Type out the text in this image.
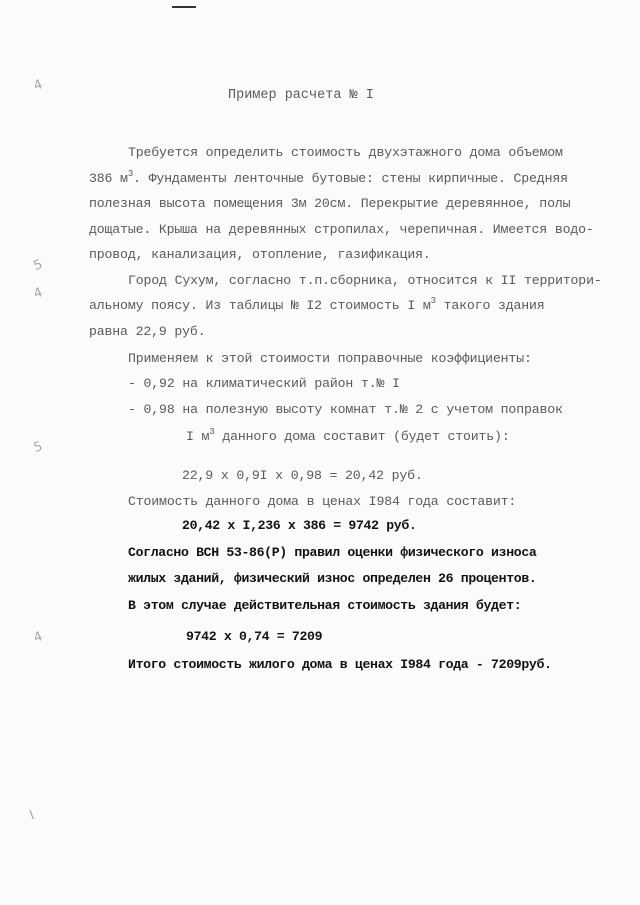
Пример расчета № I
Требуется определить стоимость двухэтажного дома объемом
386 $м^3$. Фундаменты ленточные бутовые: стены кирпичные. Средняя
полезная высота помещения 3м 20см. Перекрытие деревянное, полы
дощатые. Крыша на деревянных стропилах, черепичная. Имеется водо-
провод, канализация, отопление, газификация.
Город Сухум, согласно т.п.сборника, относится к II территори-
альному поясу. Из таблицы № I2 стоимость I $м^3$ такого здания
равна 22,9 руб.
Применяем к этой стоимости поправочные коэффициенты:
- 0,92 на климатический район т.№ I
- 0,98 на полезную высоту комнат т.№ 2 с учетом поправок
I $м^3$ данного дома составит (будет стоить):
22,9 х 0,9I х 0,98 = 20,42 руб.
Стоимость данного дома в ценах I984 года составит:
20,42 х I,236 х 386 = 9742 руб.
Согласно ВСН 53-86(Р) правил оценки физического износа
жилых зданий, физический износ определен 26 процентов.
В этом случае действительная стоимость здания будет:
9742 х 0,74 = 7209
Итого стоимость жилого дома в ценах I984 года - 7209руб.
4
5
4
5
4
I
